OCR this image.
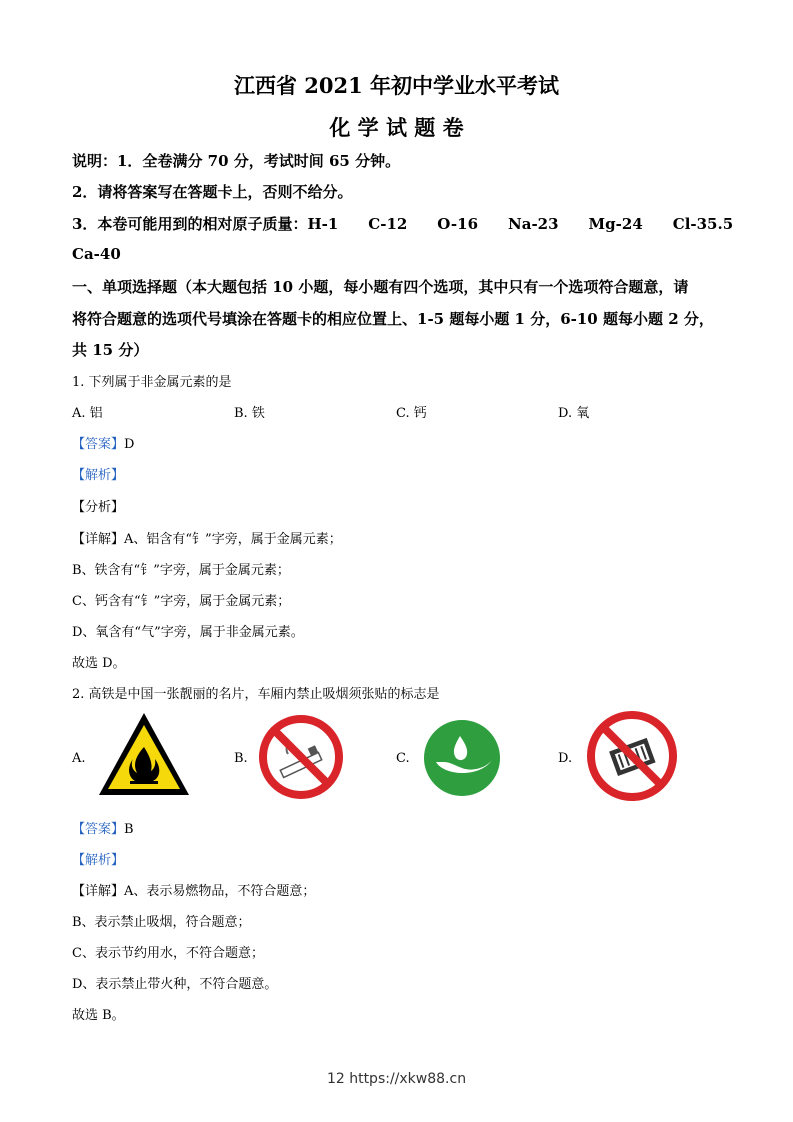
江西省 2021 年初中学业水平考试
化 学 试 题 卷
说明：1．全卷满分 70 分，考试时间 65 分钟。
2．请将答案写在答题卡上，否则不给分。
3．本卷可能用到的相对原子质量：H-1　　C-12　　O-16　　Na-23　　Mg-24　　Cl-35.5
Ca-40
一、单项选择题（本大题包括 10 小题，每小题有四个选项，其中只有一个选项符合题意，请
将符合题意的选项代号填涂在答题卡的相应位置上、1-5 题每小题 1 分，6-10 题每小题 2 分，
共 15 分）
1. 下列属于非金属元素的是
A. 铝	B. 铁	C. 钙	D. 氧
【答案】D
【解析】
【分析】
【详解】A、铝含有“钅”字旁，属于金属元素；
B、铁含有“钅”字旁，属于金属元素；
C、钙含有“钅”字旁，属于金属元素；
D、氧含有“气”字旁，属于非金属元素。
故选 D。
2. 高铁是中国一张靓丽的名片，车厢内禁止吸烟须张贴的标志是
A.	B.	C.	D.
【答案】B
【解析】
【详解】A、表示易燃物品，不符合题意；
B、表示禁止吸烟，符合题意；
C、表示节约用水，不符合题意；
D、表示禁止带火种，不符合题意。
故选 B。
12 https://xkw88.cn
